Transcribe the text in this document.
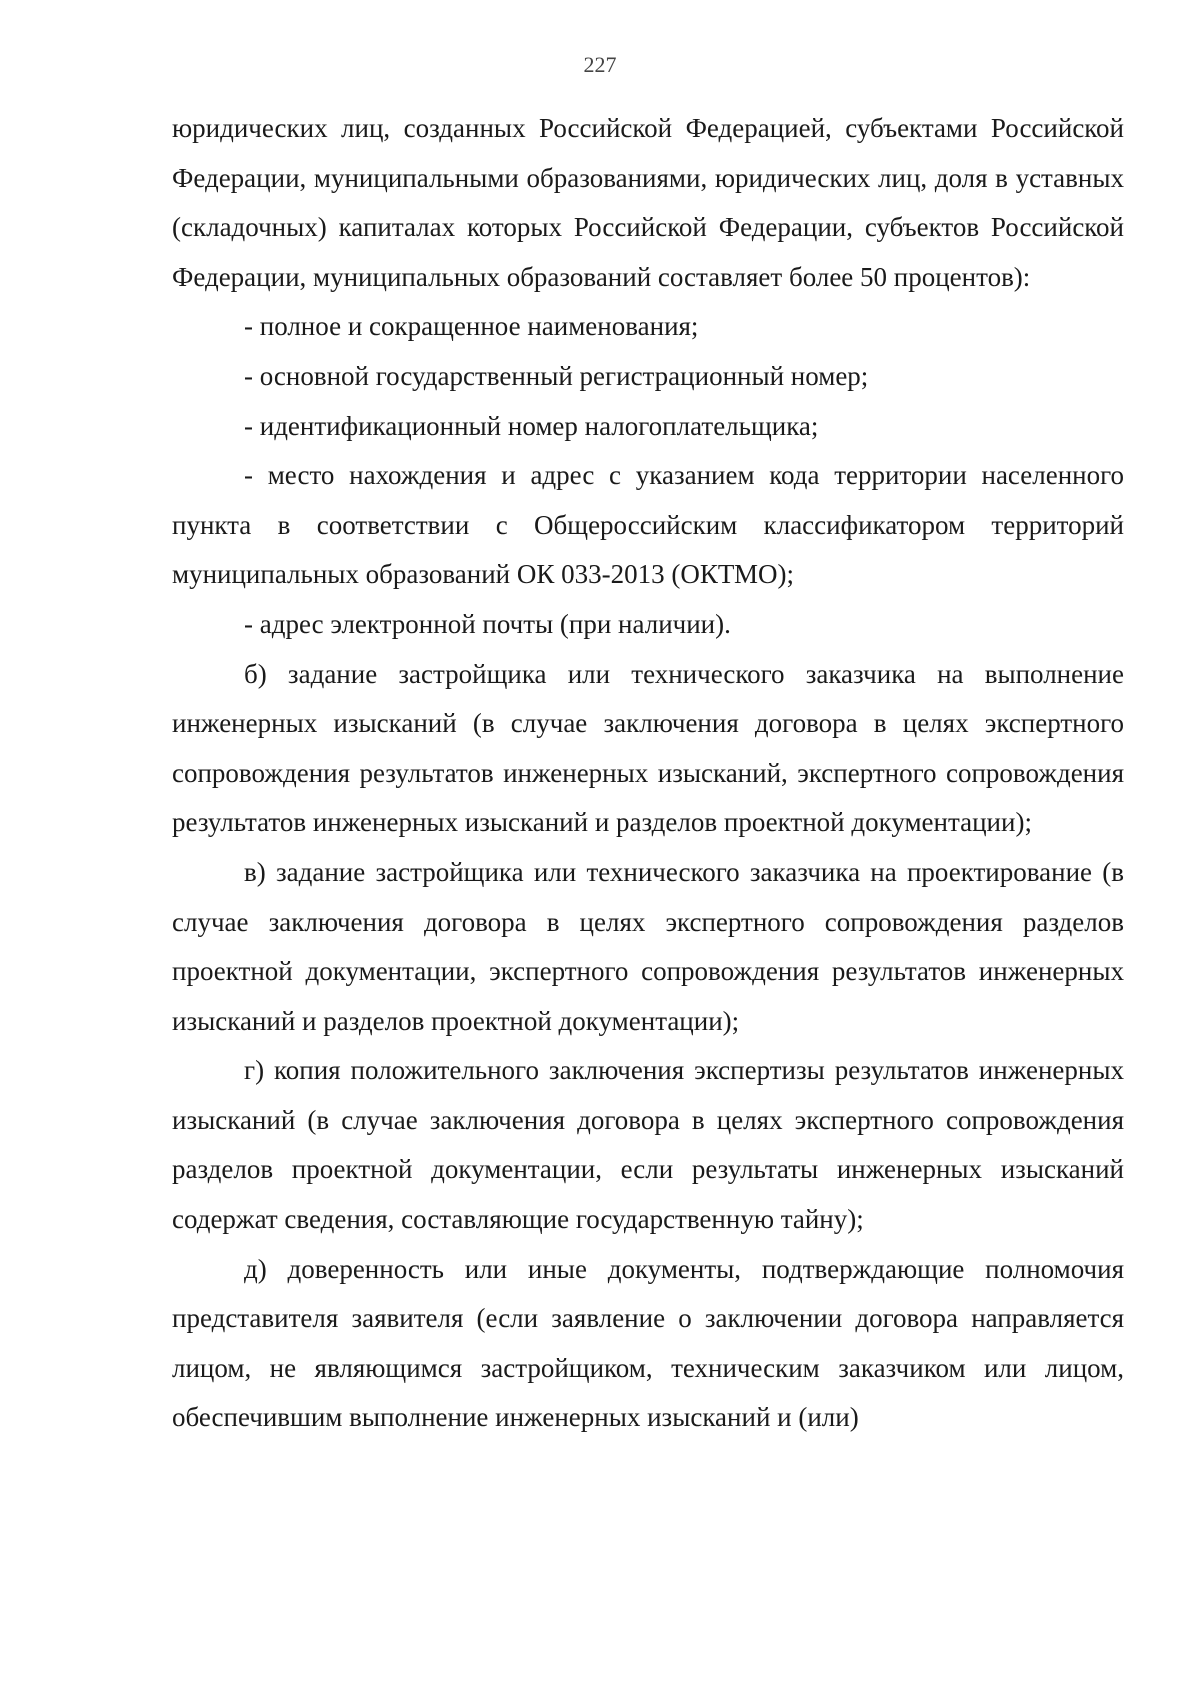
227

юридических лиц, созданных Российской Федерацией, субъектами Российской Федерации, муниципальными образованиями, юридических лиц, доля в уставных (складочных) капиталах которых Российской Федерации, субъектов Российской Федерации, муниципальных образований составляет более 50 процентов):

- полное и сокращенное наименования;

- основной государственный регистрационный номер;

- идентификационный номер налогоплательщика;

- место нахождения и адрес с указанием кода территории населенного пункта в соответствии с Общероссийским классификатором территорий муниципальных образований ОК 033-2013 (ОКТМО);

- адрес электронной почты (при наличии).

б) задание застройщика или технического заказчика на выполнение инженерных изысканий (в случае заключения договора в целях экспертного сопровождения результатов инженерных изысканий, экспертного сопровождения результатов инженерных изысканий и разделов проектной документации);

в) задание застройщика или технического заказчика на проектирование (в случае заключения договора в целях экспертного сопровождения разделов проектной документации, экспертного сопровождения результатов инженерных изысканий и разделов проектной документации);

г) копия положительного заключения экспертизы результатов инженерных изысканий (в случае заключения договора в целях экспертного сопровождения разделов проектной документации, если результаты инженерных изысканий содержат сведения, составляющие государственную тайну);

д) доверенность или иные документы, подтверждающие полномочия представителя заявителя (если заявление о заключении договора направляется лицом, не являющимся застройщиком, техническим заказчиком или лицом, обеспечившим выполнение инженерных изысканий и (или)
